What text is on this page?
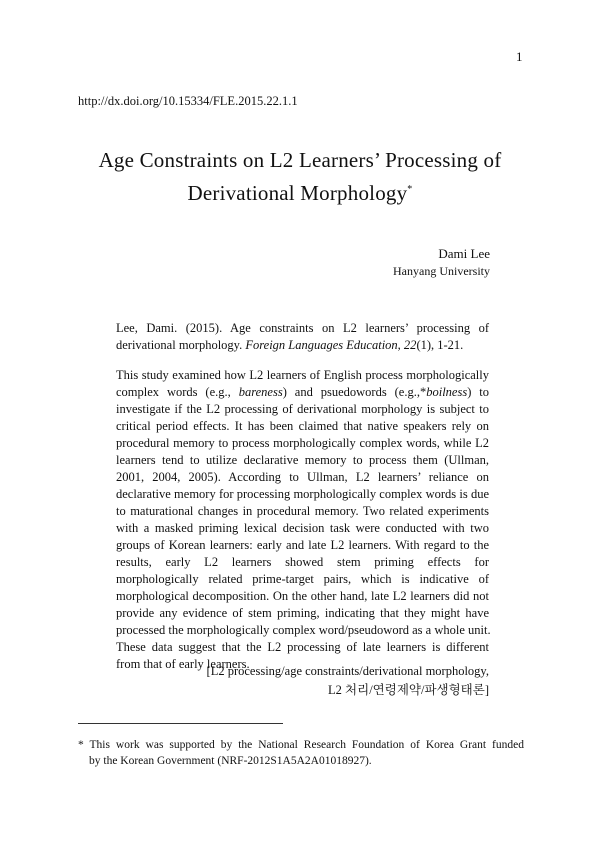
1
http://dx.doi.org/10.15334/FLE.2015.22.1.1
Age Constraints on L2 Learners’ Processing of
Derivational Morphology*
Dami Lee
Hanyang University
Lee, Dami. (2015). Age constraints on L2 learners’ processing of
derivational morphology. Foreign Languages Education, 22(1), 1-21.
This study examined how L2 learners of English process morphologically
complex words (e.g., bareness) and psuedowords (e.g.,*boilness) to
investigate if the L2 processing of derivational morphology is subject to
critical period effects. It has been claimed that native speakers rely on
procedural memory to process morphologically complex words, while L2
learners tend to utilize declarative memory to process them (Ullman,
2001, 2004, 2005). According to Ullman, L2 learners’ reliance on
declarative memory for processing morphologically complex words is due
to maturational changes in procedural memory. Two related experiments
with a masked priming lexical decision task were conducted with two
groups of Korean learners: early and late L2 learners. With regard to the
results, early L2 learners showed stem priming effects for
morphologically related prime-target pairs, which is indicative of
morphological decomposition. On the other hand, late L2 learners did not
provide any evidence of stem priming, indicating that they might have
processed the morphologically complex word/pseudoword as a whole unit.
These data suggest that the L2 processing of late learners is different
from that of early learners.
[L2 processing/age constraints/derivational morphology,
L2 처리/연령제약/파생형태론]
* This work was supported by the National Research Foundation of Korea Grant funded
by the Korean Government (NRF-2012S1A5A2A01018927).
